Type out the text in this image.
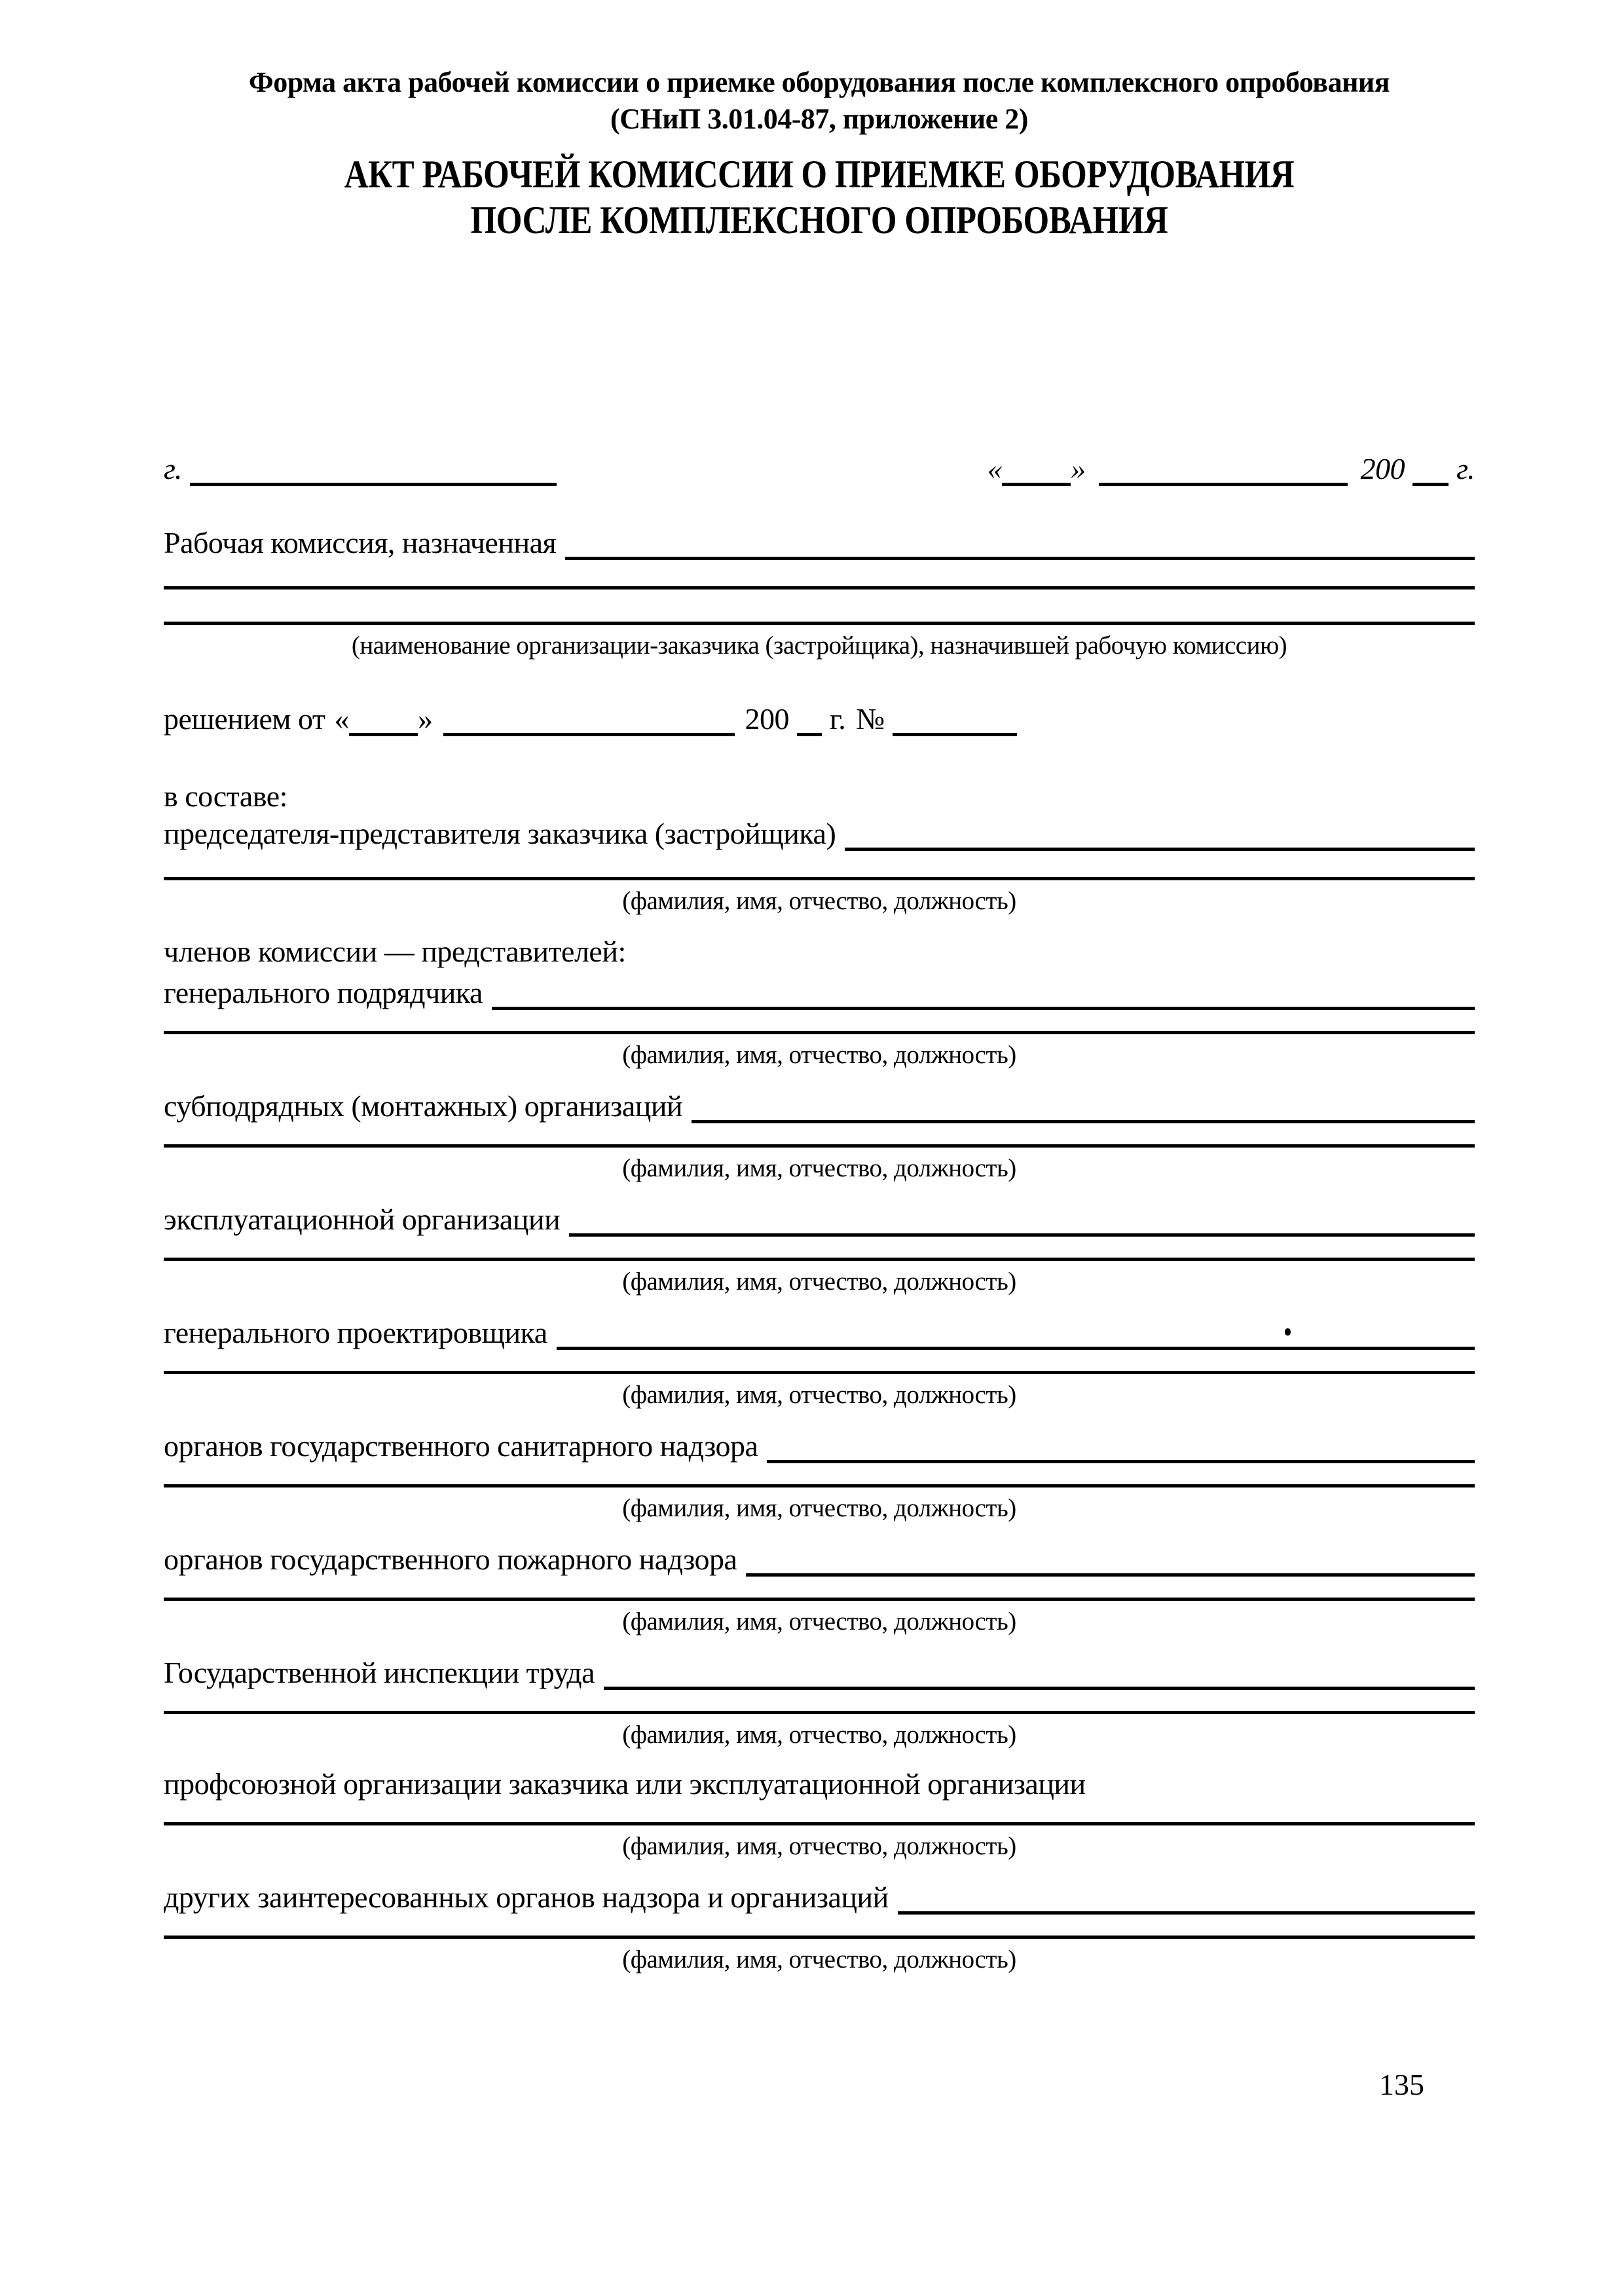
Форма акта рабочей комиссии о приемке оборудования после комплексного опробования
(СНиП 3.01.04-87, приложение 2)
АКТ РАБОЧЕЙ КОМИССИИ О ПРИЕМКЕ ОБОРУДОВАНИЯ
ПОСЛЕ КОМПЛЕКСНОГО ОПРОБОВАНИЯ
г.	« »	200 г.
Рабочая комиссия, назначенная
(наименование организации-заказчика (застройщика), назначившей рабочую комиссию)
решением от « »	200 г. №
в составе:
председателя-представителя заказчика (застройщика)
(фамилия, имя, отчество, должность)
членов комиссии — представителей:
генерального подрядчика
(фамилия, имя, отчество, должность)
субподрядных (монтажных) организаций
(фамилия, имя, отчество, должность)
эксплуатационной организации
(фамилия, имя, отчество, должность)
генерального проектировщика
(фамилия, имя, отчество, должность)
органов государственного санитарного надзора
(фамилия, имя, отчество, должность)
органов государственного пожарного надзора
(фамилия, имя, отчество, должность)
Государственной инспекции труда
(фамилия, имя, отчество, должность)
профсоюзной организации заказчика или эксплуатационной организации
(фамилия, имя, отчество, должность)
других заинтересованных органов надзора и организаций
(фамилия, имя, отчество, должность)
135
